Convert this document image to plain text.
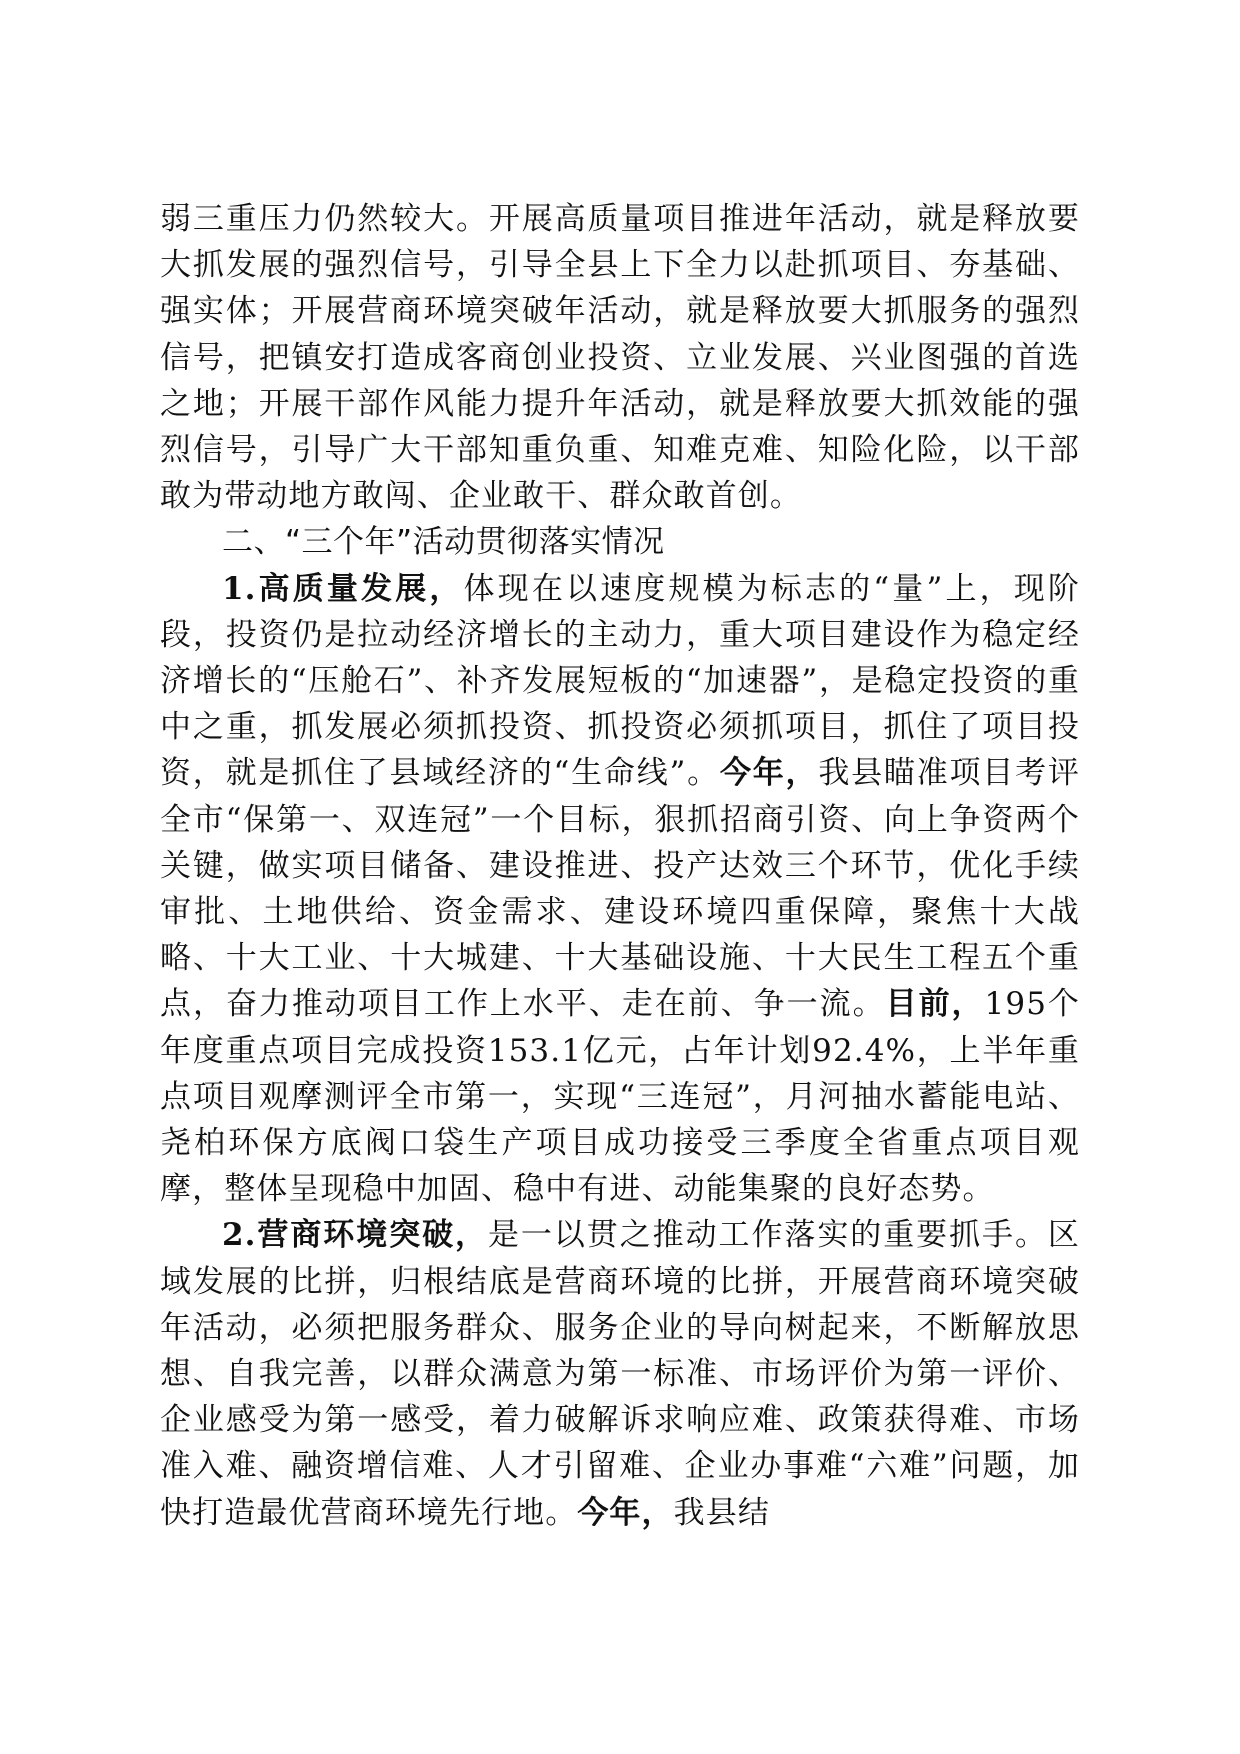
弱三重压力仍然较大。开展高质量项目推进年活动，就是释放要大抓发展的强烈信号，引导全县上下全力以赴抓项目、夯基础、强实体；开展营商环境突破年活动，就是释放要大抓服务的强烈信号，把镇安打造成客商创业投资、立业发展、兴业图强的首选之地；开展干部作风能力提升年活动，就是释放要大抓效能的强烈信号，引导广大干部知重负重、知难克难、知险化险，以干部敢为带动地方敢闯、企业敢干、群众敢首创。

二、“三个年”活动贯彻落实情况

1.高质量发展，体现在以速度规模为标志的“量”上，现阶段，投资仍是拉动经济增长的主动力，重大项目建设作为稳定经济增长的“压舱石”、补齐发展短板的“加速器”，是稳定投资的重中之重，抓发展必须抓投资、抓投资必须抓项目，抓住了项目投资，就是抓住了县域经济的“生命线”。今年，我县瞄准项目考评全市“保第一、双连冠”一个目标，狠抓招商引资、向上争资两个关键，做实项目储备、建设推进、投产达效三个环节，优化手续审批、土地供给、资金需求、建设环境四重保障，聚焦十大战略、十大工业、十大城建、十大基础设施、十大民生工程五个重点，奋力推动项目工作上水平、走在前、争一流。目前，195个年度重点项目完成投资153.1亿元，占年计划92.4%，上半年重点项目观摩测评全市第一，实现“三连冠”，月河抽水蓄能电站、尧柏环保方底阀口袋生产项目成功接受三季度全省重点项目观摩，整体呈现稳中加固、稳中有进、动能集聚的良好态势。

2.营商环境突破，是一以贯之推动工作落实的重要抓手。区域发展的比拼，归根结底是营商环境的比拼，开展营商环境突破年活动，必须把服务群众、服务企业的导向树起来，不断解放思想、自我完善，以群众满意为第一标准、市场评价为第一评价、企业感受为第一感受，着力破解诉求响应难、政策获得难、市场准入难、融资增信难、人才引留难、企业办事难“六难”问题，加快打造最优营商环境先行地。今年，我县结
